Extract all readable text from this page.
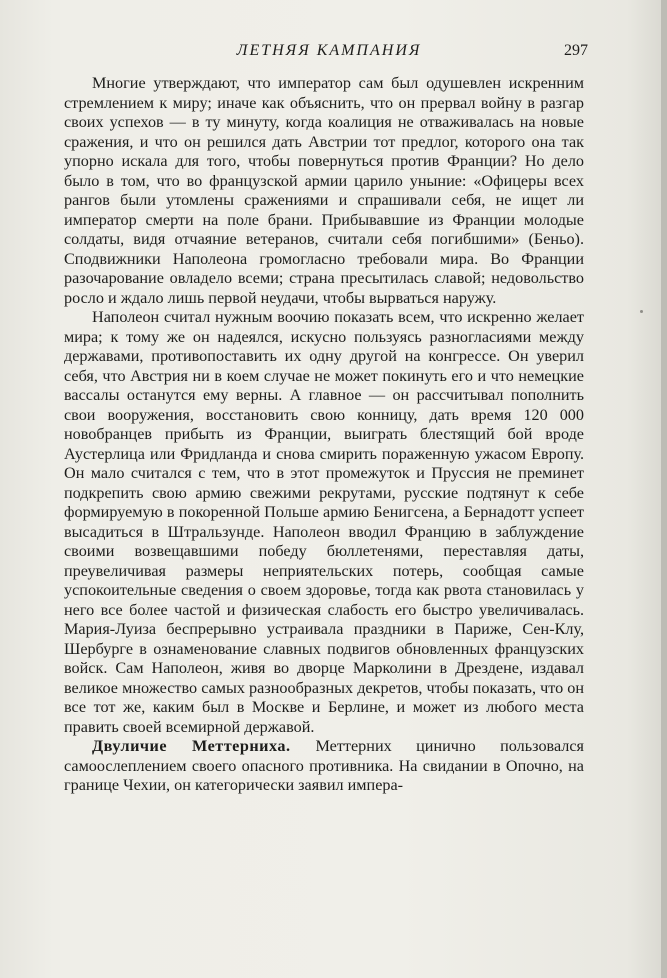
ЛЕТНЯЯ КАМПАНИЯ	297

Многие утверждают, что император сам был одушевлен искренним стремлением к миру; иначе как объяснить, что он прервал войну в разгар своих успехов — в ту минуту, когда коалиция не отваживалась на новые сражения, и что он решился дать Австрии тот предлог, которого она так упорно искала для того, чтобы повернуться против Франции? Но дело было в том, что во французской армии царило уныние: «Офицеры всех рангов были утомлены сражениями и спрашивали себя, не ищет ли император смерти на поле брани. Прибывавшие из Франции молодые солдаты, видя отчаяние ветеранов, считали себя погибшими» (Беньо). Сподвижники Наполеона громогласно требовали мира. Во Франции разочарование овладело всеми; страна пресытилась славой; недовольство росло и ждало лишь первой неудачи, чтобы вырваться наружу.

Наполеон считал нужным воочию показать всем, что искренно желает мира; к тому же он надеялся, искусно пользуясь разногласиями между державами, противопоставить их одну другой на конгрессе. Он уверил себя, что Австрия ни в коем случае не может покинуть его и что немецкие вассалы останутся ему верны. А главное — он рассчитывал пополнить свои вооружения, восстановить свою конницу, дать время 120 000 новобранцев прибыть из Франции, выиграть блестящий бой вроде Аустерлица или Фридланда и снова смирить пораженную ужасом Европу. Он мало считался с тем, что в этот промежуток и Пруссия не преминет подкрепить свою армию свежими рекрутами, русские подтянут к себе формируемую в покоренной Польше армию Бенигсена, а Бернадотт успеет высадиться в Штральзунде. Наполеон вводил Францию в заблуждение своими возвещавшими победу бюллетенями, переставляя даты, преувеличивая размеры неприятельских потерь, сообщая самые успокоительные сведения о своем здоровье, тогда как рвота становилась у него все более частой и физическая слабость его быстро увеличивалась. Мария-Луиза беспрерывно устраивала праздники в Париже, Сен-Клу, Шербурге в ознаменование славных подвигов обновленных французских войск. Сам Наполеон, живя во дворце Марколини в Дрездене, издавал великое множество самых разнообразных декретов, чтобы показать, что он все тот же, каким был в Москве и Берлине, и может из любого места править своей всемирной державой.

Двуличие Меттерниха. Меттерних цинично пользовался самоослеплением своего опасного противника. На свидании в Опочно, на границе Чехии, он категорически заявил импера-
